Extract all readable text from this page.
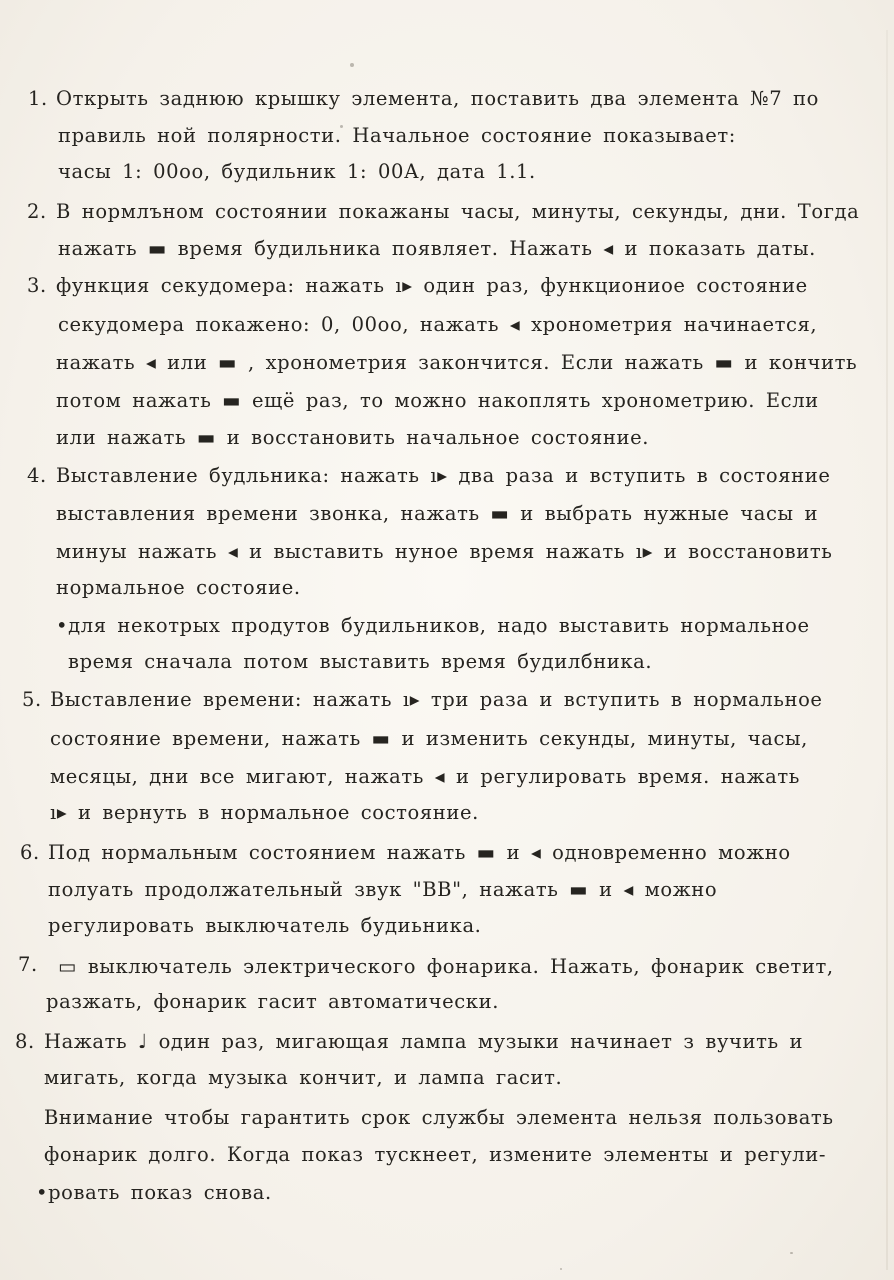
1. Открыть заднюю крышку элемента, поставить два элемента №7 по
правиль ной полярности. Начальное состояние показывает:
часы 1: 00оо, будильник 1: 00А, дата 1.1.
2. В нормлъном состоянии покажаны часы, минуты, секунды, дни. Тогда
нажать ▬ время будильника появляет. Нажать ◂ и показать даты.
3. функция секудомера: нажать ı▸ один раз, функциониое состояние
секудомера покажено: 0, 00оо, нажать ◂ хронометрия начинается,
нажать ◂ или ▬ , хронометрия закончится. Если нажать ▬ и кончить
потом нажать ▬ ещё раз, то можно накоплять хронометрию. Если
или нажать ▬ и восстановить начальное состояние.
4. Выставление будльника: нажать ı▸ два раза и вступить в состояние
выставления времени звонка, нажать ▬ и выбрать нужные часы и
минуы нажать ◂ и выставить нуное время нажать ı▸ и восстановить
нормальное состояие.
•для некотрых продутов будильников, надо выставить нормальное
время сначала потом выставить время будилбника.
5. Выставление времени: нажать ı▸ три раза и вступить в нормальное
состояние времени, нажать ▬ и изменить секунды, минуты, часы,
месяцы, дни все мигают, нажать ◂ и регулировать время. нажать
ı▸ и вернуть в нормальное состояние.
6. Под нормальным состоянием нажать ▬ и ◂ одновременно можно
полуать продолжательный звук "ВВ", нажать ▬ и ◂ можно
регулировать выключатель будиьника.
7. ▭ выключатель электрического фонарика. Нажать, фонарик светит,
разжать, фонарик гасит автоматически.
8. Нажать ♩ один раз, мигающая лампа музыки начинает з вучить и
мигать, когда музыка кончит, и лампа гасит.
Внимание чтобы гарантить срок службы элемента нельзя пользовать
фонарик долго. Когда показ тускнеет, измените элементы и регули-
•ровать показ снова.
